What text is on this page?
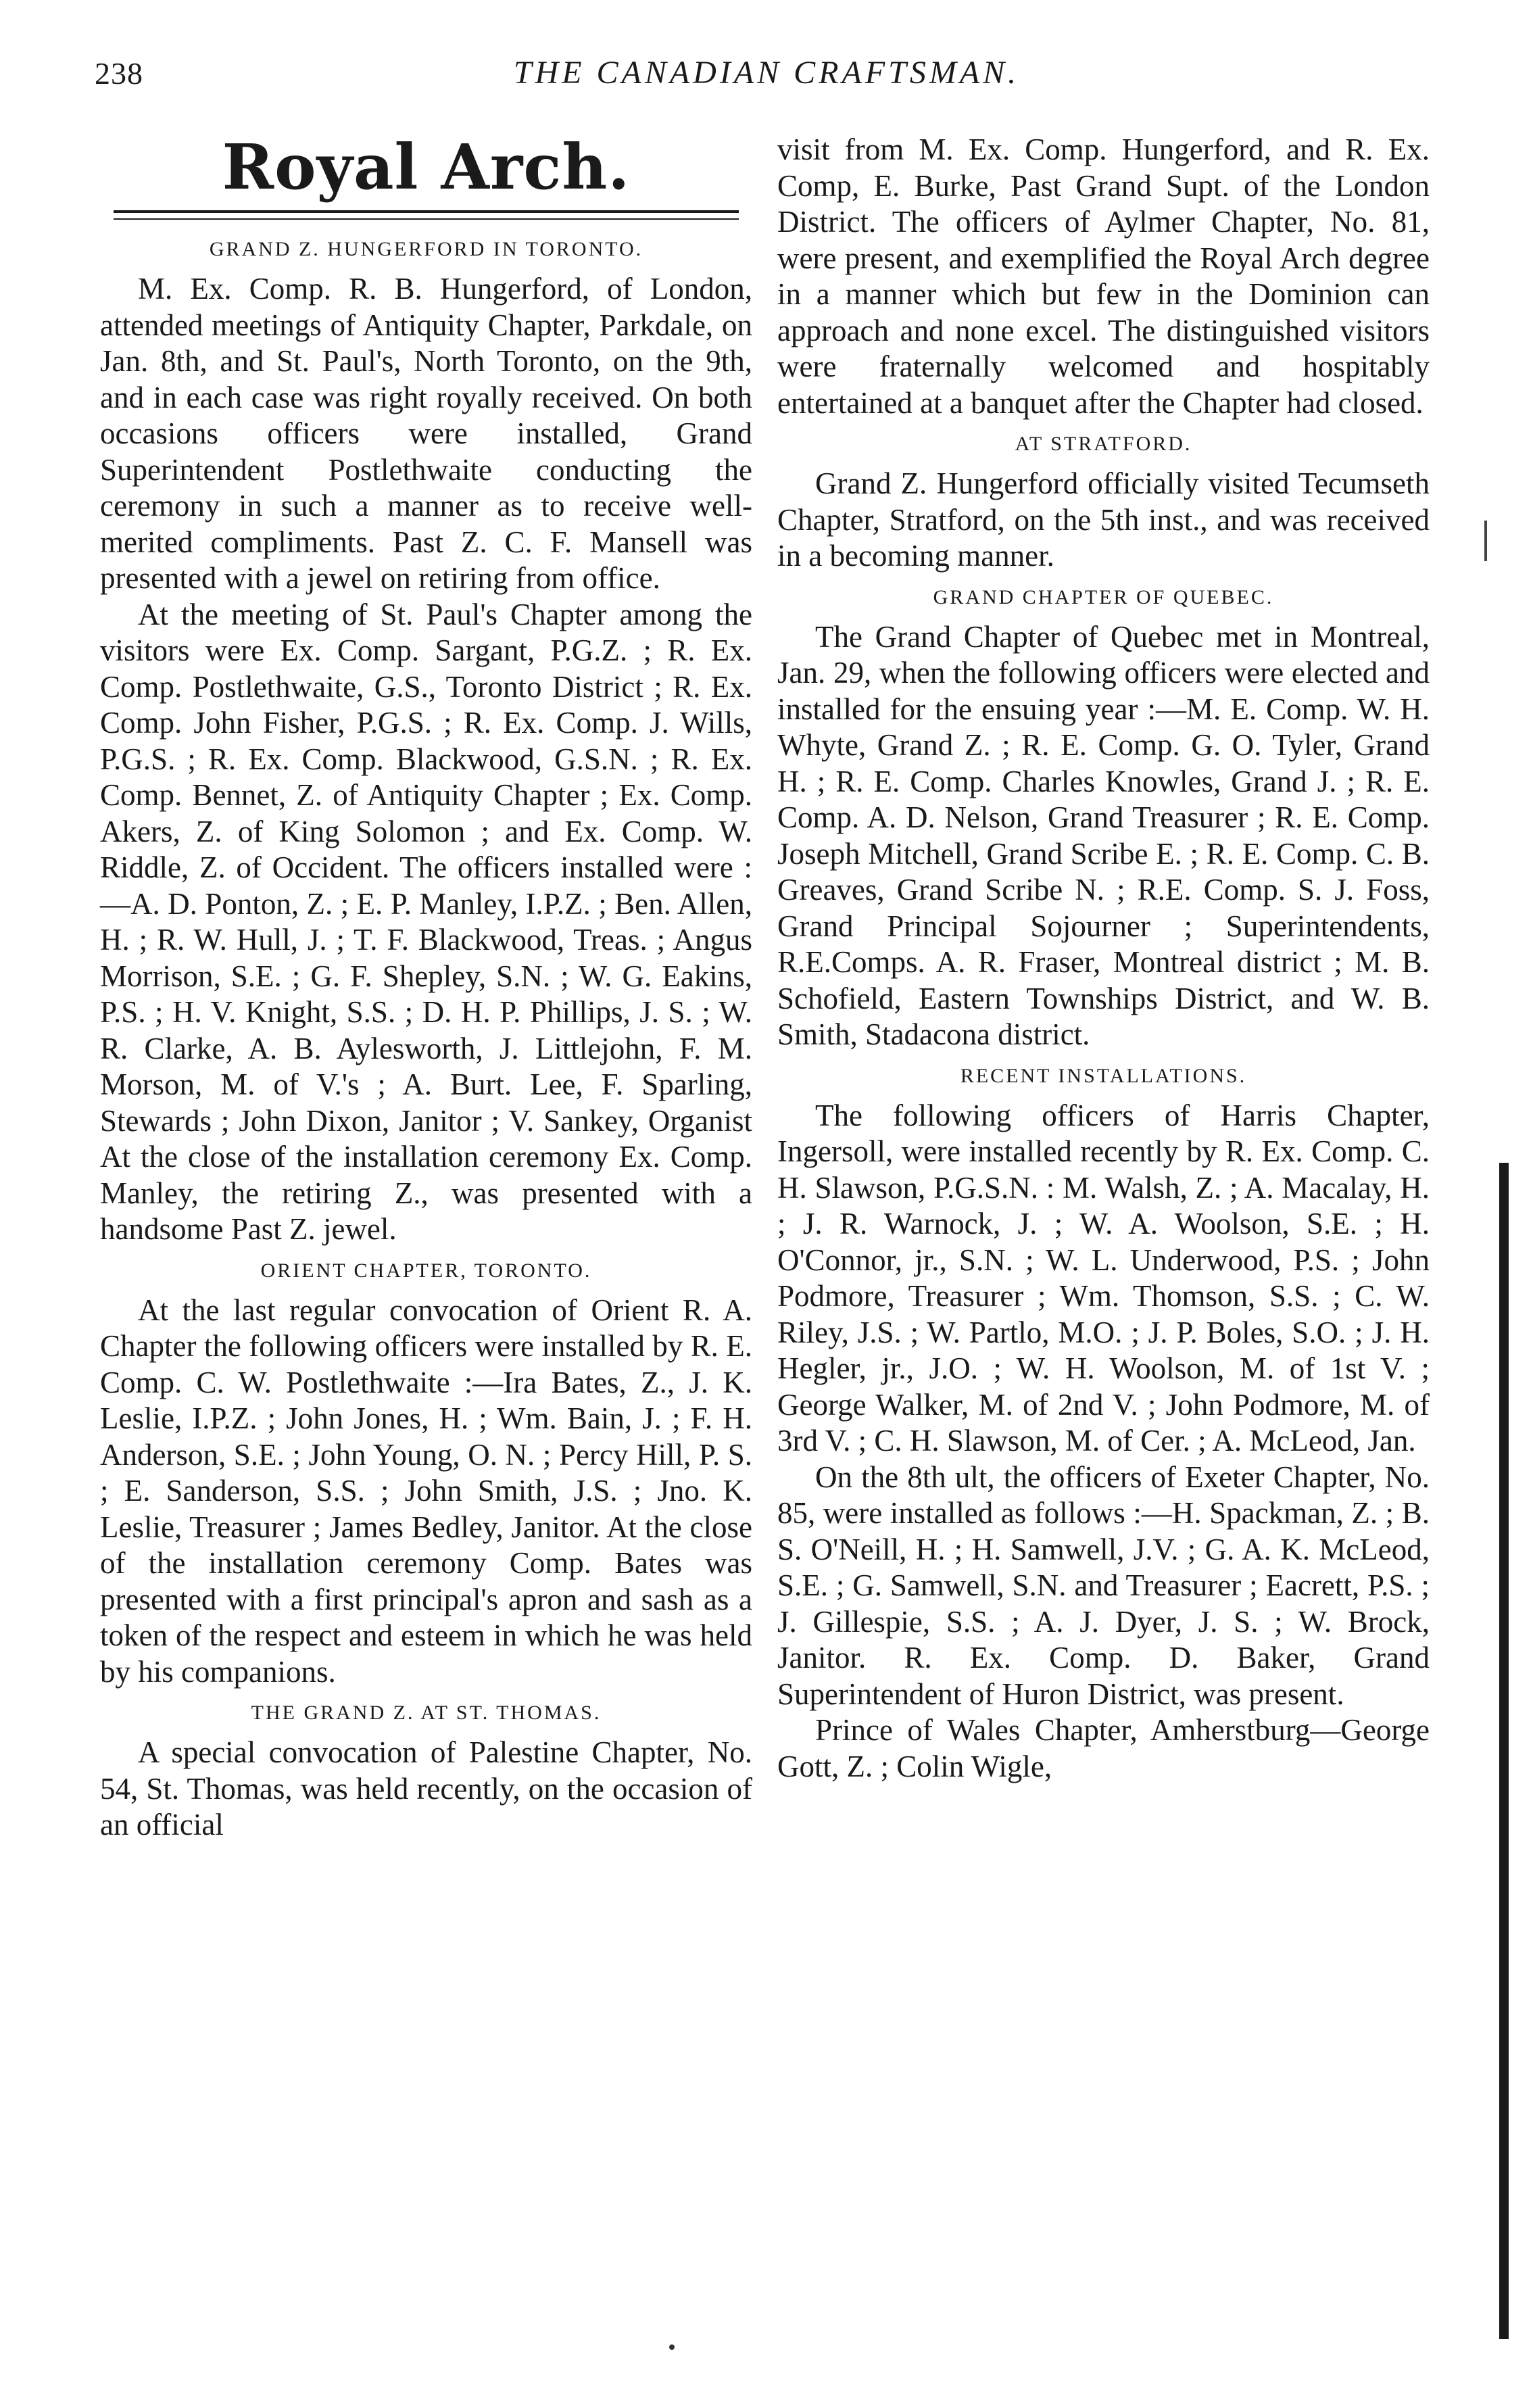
238	THE CANADIAN CRAFTSMAN.
Royal Arch.
GRAND Z. HUNGERFORD IN TORONTO.

M. Ex. Comp. R. B. Hungerford, of London, attended meetings of Antiquity Chapter, Parkdale, on Jan. 8th, and St. Paul's, North Toronto, on the 9th, and in each case was right royally received. On both occasions officers were installed, Grand Superintendent Postlethwaite conducting the ceremony in such a manner as to receive well-merited compliments. Past Z. C. F. Mansell was presented with a jewel on retiring from office.

At the meeting of St. Paul's Chapter among the visitors were Ex. Comp. Sargant, P.G.Z. ; R. Ex. Comp. Postlethwaite, G.S., Toronto District ; R. Ex. Comp. John Fisher, P.G.S. ; R. Ex. Comp. J. Wills, P.G.S. ; R. Ex. Comp. Blackwood, G.S.N. ; R. Ex. Comp. Bennet, Z. of Antiquity Chapter ; Ex. Comp. Akers, Z. of King Solomon ; and Ex. Comp. W. Riddle, Z. of Occident. The officers installed were :—A. D. Ponton, Z. ; E. P. Manley, I.P.Z. ; Ben. Allen, H. ; R. W. Hull, J. ; T. F. Blackwood, Treas. ; Angus Morrison, S.E. ; G. F. Shepley, S.N. ; W. G. Eakins, P.S. ; H. V. Knight, S.S. ; D. H. P. Phillips, J. S. ; W. R. Clarke, A. B. Aylesworth, J. Littlejohn, F. M. Morson, M. of V.'s ; A. Burt. Lee, F. Sparling, Stewards ; John Dixon, Janitor ; V. Sankey, Organist At the close of the installation ceremony Ex. Comp. Manley, the retiring Z., was presented with a handsome Past Z. jewel.

ORIENT CHAPTER, TORONTO.

At the last regular convocation of Orient R. A. Chapter the following officers were installed by R. E. Comp. C. W. Postlethwaite :—Ira Bates, Z., J. K. Leslie, I.P.Z. ; John Jones, H. ; Wm. Bain, J. ; F. H. Anderson, S.E. ; John Young, O. N. ; Percy Hill, P. S. ; E. Sanderson, S.S. ; John Smith, J.S. ; Jno. K. Leslie, Treasurer ; James Bedley, Janitor. At the close of the installation ceremony Comp. Bates was presented with a first principal's apron and sash as a token of the respect and esteem in which he was held by his companions.

THE GRAND Z. AT ST. THOMAS.

A special convocation of Palestine Chapter, No. 54, St. Thomas, was held recently, on the occasion of an official

visit from M. Ex. Comp. Hungerford, and R. Ex. Comp, E. Burke, Past Grand Supt. of the London District. The officers of Aylmer Chapter, No. 81, were present, and exemplified the Royal Arch degree in a manner which but few in the Dominion can approach and none excel. The distinguished visitors were fraternally welcomed and hospitably entertained at a banquet after the Chapter had closed.

AT STRATFORD.

Grand Z. Hungerford officially visited Tecumseth Chapter, Stratford, on the 5th inst., and was received in a becoming manner.

GRAND CHAPTER OF QUEBEC.

The Grand Chapter of Quebec met in Montreal, Jan. 29, when the following officers were elected and installed for the ensuing year :—M. E. Comp. W. H. Whyte, Grand Z. ; R. E. Comp. G. O. Tyler, Grand H. ; R. E. Comp. Charles Knowles, Grand J. ; R. E. Comp. A. D. Nelson, Grand Treasurer ; R. E. Comp. Joseph Mitchell, Grand Scribe E. ; R. E. Comp. C. B. Greaves, Grand Scribe N. ; R.E. Comp. S. J. Foss, Grand Principal Sojourner ; Superintendents, R.E.Comps. A. R. Fraser, Montreal district ; M. B. Schofield, Eastern Townships District, and W. B. Smith, Stadacona district.

RECENT INSTALLATIONS.

The following officers of Harris Chapter, Ingersoll, were installed recently by R. Ex. Comp. C. H. Slawson, P.G.S.N. : M. Walsh, Z. ; A. Macalay, H. ; J. R. Warnock, J. ; W. A. Woolson, S.E. ; H. O'Connor, jr., S.N. ; W. L. Underwood, P.S. ; John Podmore, Treasurer ; Wm. Thomson, S.S. ; C. W. Riley, J.S. ; W. Partlo, M.O. ; J. P. Boles, S.O. ; J. H. Hegler, jr., J.O. ; W. H. Woolson, M. of 1st V. ; George Walker, M. of 2nd V. ; John Podmore, M. of 3rd V. ; C. H. Slawson, M. of Cer. ; A. McLeod, Jan.

On the 8th ult, the officers of Exeter Chapter, No. 85, were installed as follows :—H. Spackman, Z. ; B. S. O'Neill, H. ; H. Samwell, J.V. ; G. A. K. McLeod, S.E. ; G. Samwell, S.N. and Treasurer ; Eacrett, P.S. ; J. Gillespie, S.S. ; A. J. Dyer, J. S. ; W. Brock, Janitor. R. Ex. Comp. D. Baker, Grand Superintendent of Huron District, was present.

Prince of Wales Chapter, Amherstburg—George Gott, Z. ; Colin Wigle,
